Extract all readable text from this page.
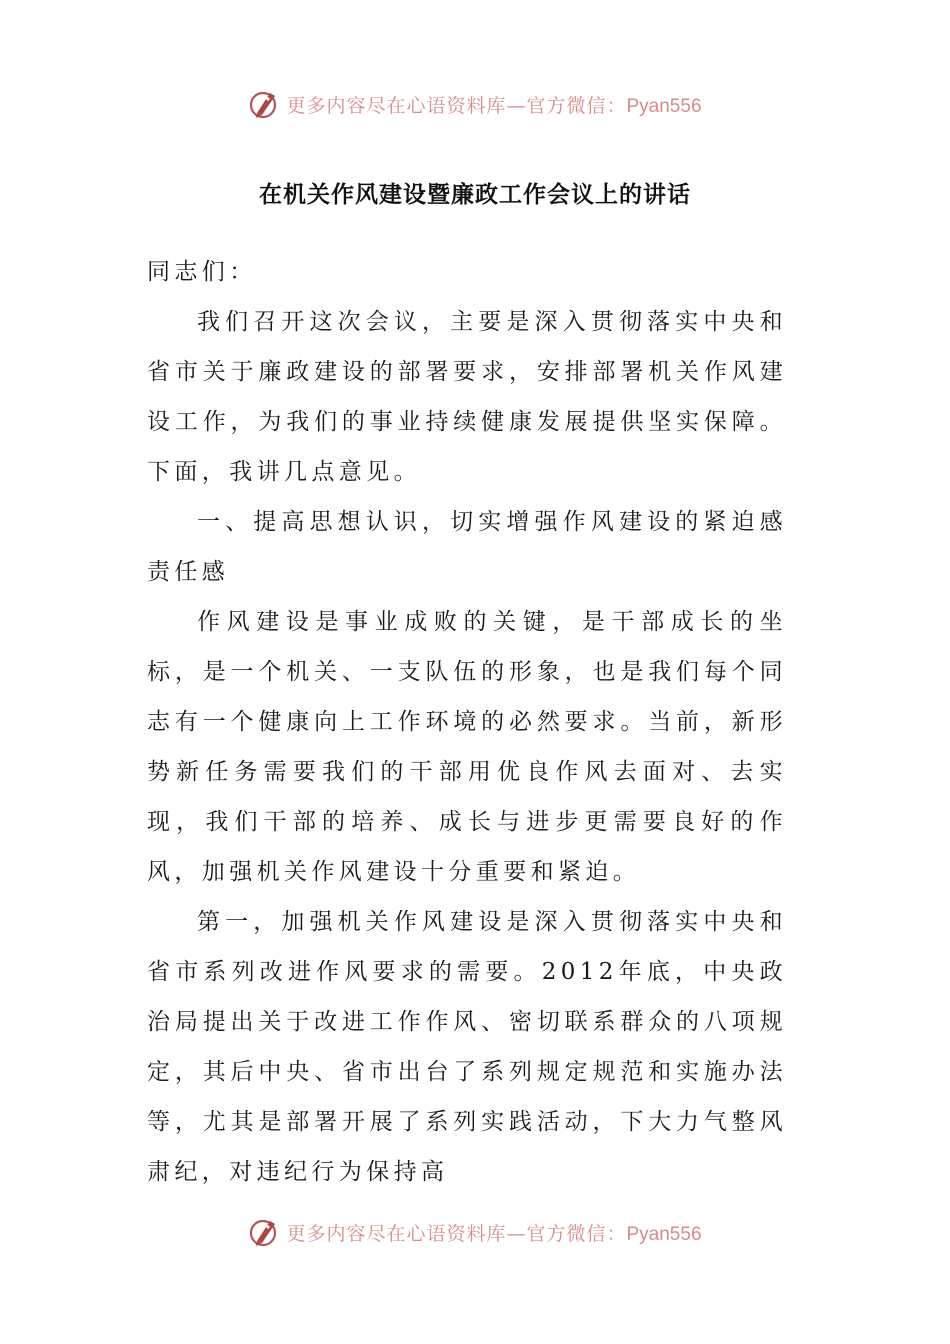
更多内容尽在心语资料库—官方微信：Pyan556
在机关作风建设暨廉政工作会议上的讲话

同志们：

我们召开这次会议，主要是深入贯彻落实中央和省市关于廉政建设的部署要求，安排部署机关作风建设工作，为我们的事业持续健康发展提供坚实保障。下面，我讲几点意见。

一、提高思想认识，切实增强作风建设的紧迫感责任感

作风建设是事业成败的关键，是干部成长的坐标，是一个机关、一支队伍的形象，也是我们每个同志有一个健康向上工作环境的必然要求。当前，新形势新任务需要我们的干部用优良作风去面对、去实现，我们干部的培养、成长与进步更需要良好的作风，加强机关作风建设十分重要和紧迫。

第一，加强机关作风建设是深入贯彻落实中央和省市系列改进作风要求的需要。2012年底，中央政治局提出关于改进工作作风、密切联系群众的八项规定，其后中央、省市出台了系列规定规范和实施办法等，尤其是部署开展了系列实践活动，下大力气整风肃纪，对违纪行为保持高

更多内容尽在心语资料库—官方微信：Pyan556
